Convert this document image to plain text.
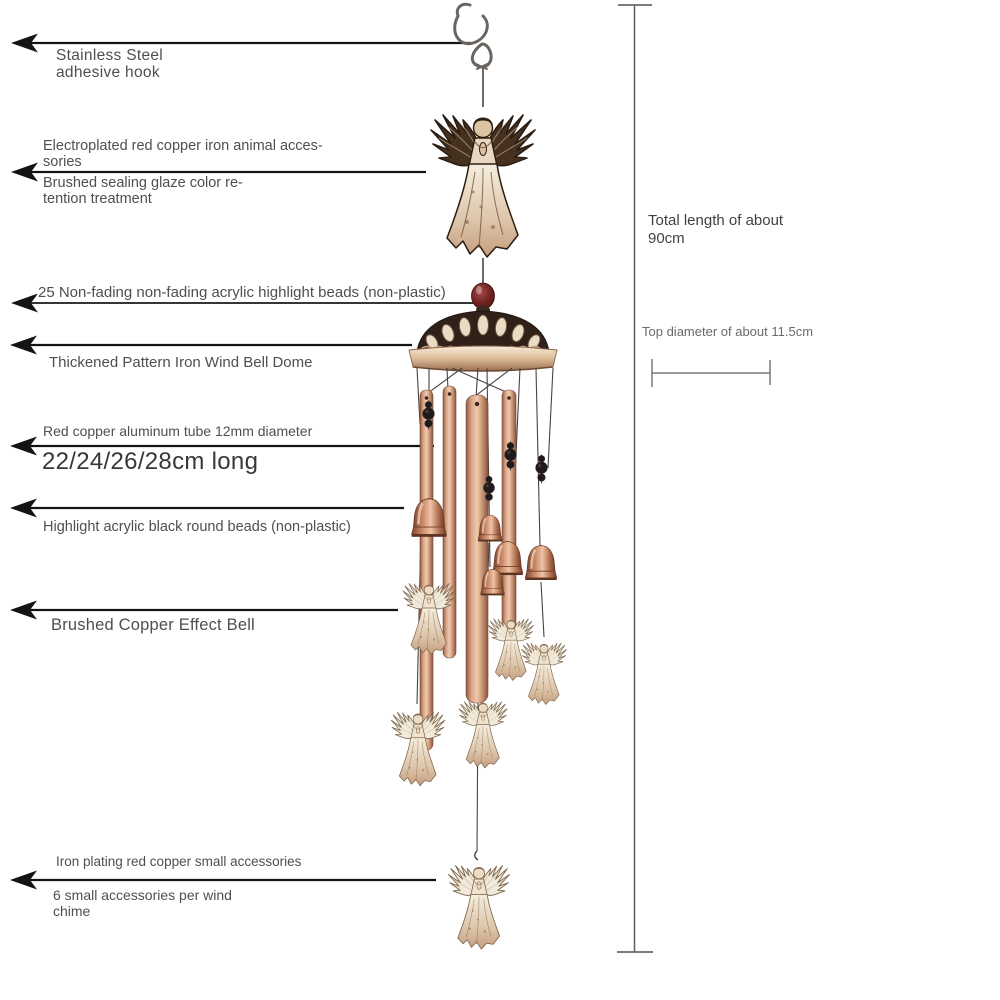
Stainless Steel
adhesive hook
Electroplated red copper iron animal acces-
sories
Brushed sealing glaze color re-
tention treatment
25 Non-fading non-fading acrylic highlight beads (non-plastic)
Thickened Pattern Iron Wind Bell Dome
Red copper aluminum tube 12mm diameter
22/24/26/28cm long
Highlight acrylic black round beads (non-plastic)
Brushed Copper Effect Bell
Iron plating red copper small accessories
6 small accessories per wind
chime
Total length of about
90cm
Top diameter of about 11.5cm
